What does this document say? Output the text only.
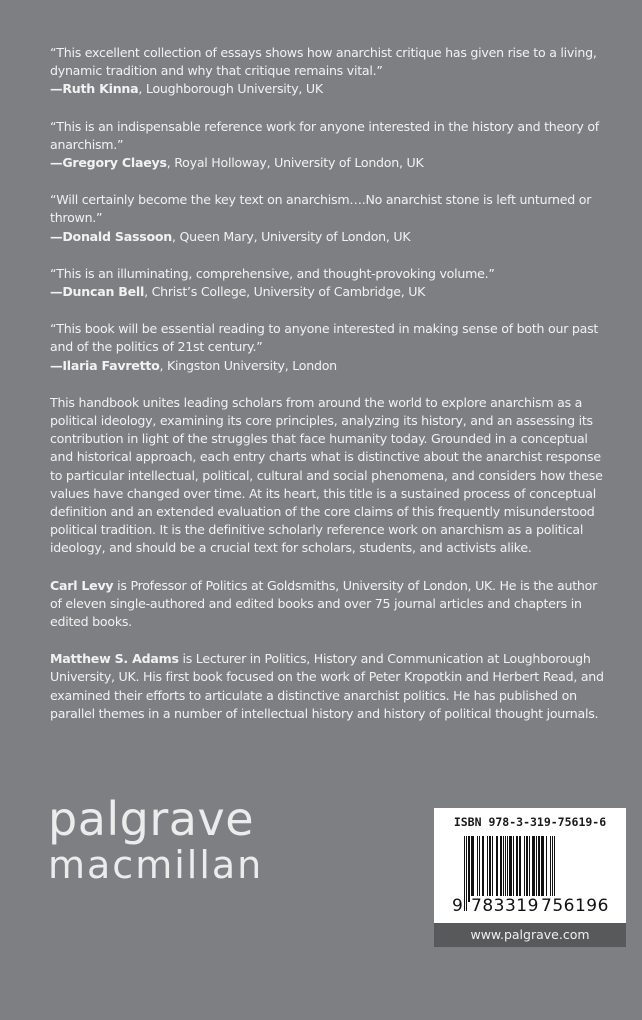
“This excellent collection of essays shows how anarchist critique has given rise to a living, dynamic tradition and why that critique remains vital.”

—Ruth Kinna, Loughborough University, UK

“This is an indispensable reference work for anyone interested in the history and theory of anarchism.”

—Gregory Claeys, Royal Holloway, University of London, UK

“Will certainly become the key text on anarchism….No anarchist stone is left unturned or thrown.”

—Donald Sassoon, Queen Mary, University of London, UK

“This is an illuminating, comprehensive, and thought-provoking volume.”

—Duncan Bell, Christ’s College, University of Cambridge, UK

“This book will be essential reading to anyone interested in making sense of both our past and of the politics of 21st century.”

—Ilaria Favretto, Kingston University, London

This handbook unites leading scholars from around the world to explore anarchism as a political ideology, examining its core principles, analyzing its history, and an assessing its contribution in light of the struggles that face humanity today. Grounded in a conceptual and historical approach, each entry charts what is distinctive about the anarchist response to particular intellectual, political, cultural and social phenomena, and considers how these values have changed over time. At its heart, this title is a sustained process of conceptual definition and an extended evaluation of the core claims of this frequently misunderstood political tradition. It is the definitive scholarly reference work on anarchism as a political ideology, and should be a crucial text for scholars, students, and activists alike.

Carl Levy is Professor of Politics at Goldsmiths, University of London, UK. He is the author of eleven single-authored and edited books and over 75 journal articles and chapters in edited books.

Matthew S. Adams is Lecturer in Politics, History and Communication at Loughborough University, UK. His first book focused on the work of Peter Kropotkin and Herbert Read, and examined their efforts to articulate a distinctive anarchist politics. He has published on parallel themes in a number of intellectual history and history of political thought journals.

palgrave
macmillan
ISBN 978-3-319-75619-6
9 783319 756196
www.palgrave.com
